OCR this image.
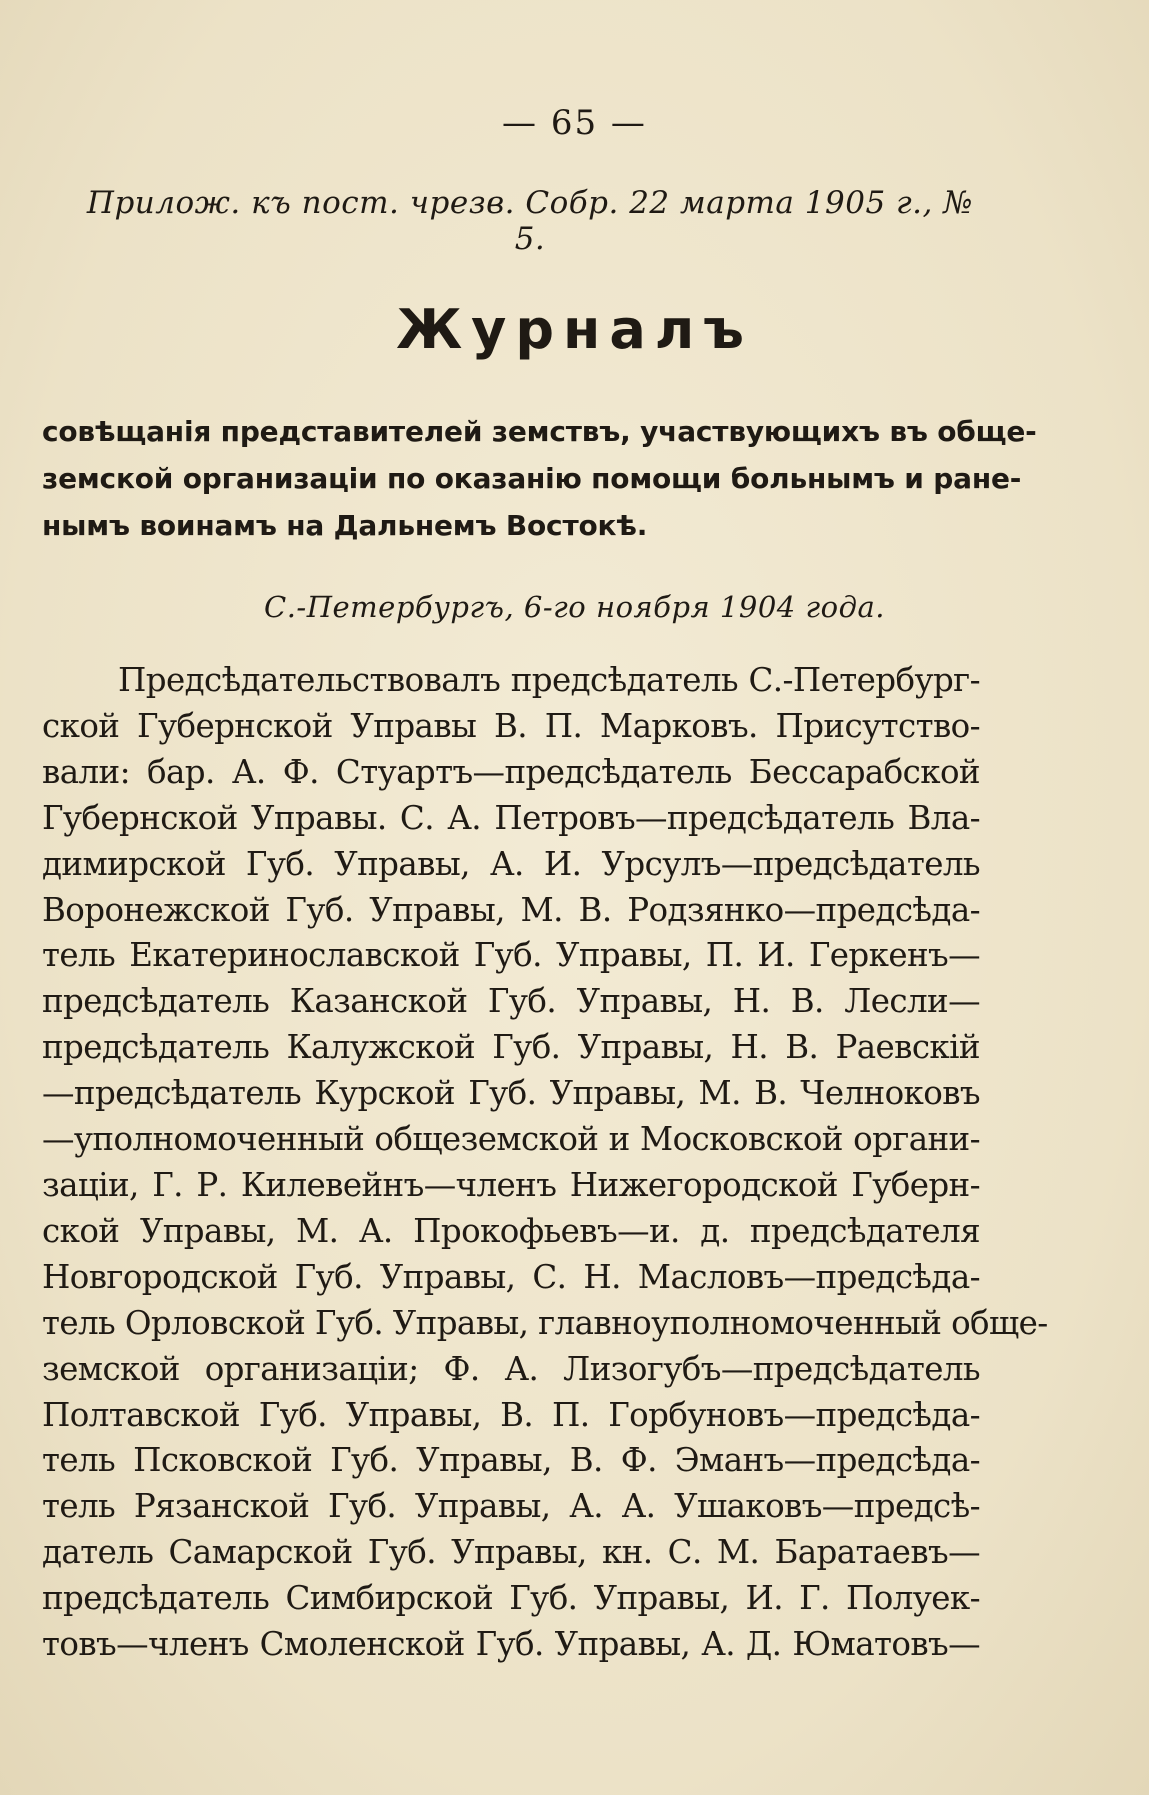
— 65 —
Прилож. къ пост. чрезв. Собр. 22 марта 1905 г., № 5.
Журналъ
совѣщанія представителей земствъ, участвующихъ въ обще-
земской организаціи по оказанію помощи больнымъ и ране-
нымъ воинамъ на Дальнемъ Востокѣ.
С.-Петербургъ, 6-го ноября 1904 года.
Предсѣдательствовалъ предсѣдатель С.-Петербург-
ской Губернской Управы В. П. Марковъ. Присутство-
вали: бар. А. Ф. Стуартъ—предсѣдатель Бессарабской
Губернской Управы. С. А. Петровъ—предсѣдатель Вла-
димирской Губ. Управы, А. И. Урсулъ—предсѣдатель
Воронежской Губ. Управы, М. В. Родзянко—предсѣда-
тель Екатеринославской Губ. Управы, П. И. Геркенъ—
предсѣдатель Казанской Губ. Управы, Н. В. Лесли—
предсѣдатель Калужской Губ. Управы, Н. В. Раевскій
—предсѣдатель Курской Губ. Управы, М. В. Челноковъ
—уполномоченный общеземской и Московской органи-
заціи, Г. Р. Килевейнъ—членъ Нижегородской Губерн-
ской Управы, М. А. Прокофьевъ—и. д. предсѣдателя
Новгородской Губ. Управы, С. Н. Масловъ—предсѣда-
тель Орловской Губ. Управы, главноуполномоченный обще-
земской организаціи; Ф. А. Лизогубъ—предсѣдатель
Полтавской Губ. Управы, В. П. Горбуновъ—предсѣда-
тель Псковской Губ. Управы, В. Ф. Эманъ—предсѣда-
тель Рязанской Губ. Управы, А. А. Ушаковъ—предсѣ-
датель Самарской Губ. Управы, кн. С. М. Баратаевъ—
предсѣдатель Симбирской Губ. Управы, И. Г. Полуек-
товъ—членъ Смоленской Губ. Управы, А. Д. Юматовъ—
